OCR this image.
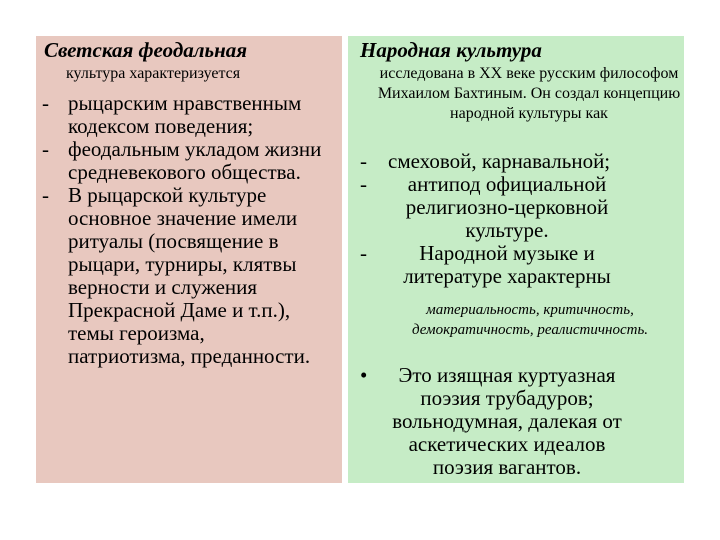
Светская феодальная
культура характеризуется
- рыцарским нравственным кодексом поведения;
- феодальным укладом жизни средневекового общества.
- В рыцарской культуре основное значение имели ритуалы (посвящение в рыцари, турниры, клятвы верности и служения Прекрасной Даме и т.п.), темы героизма, патриотизма, преданности.
Народная культура
исследована в XX веке русским философом Михаилом Бахтиным. Он создал концепцию народной культуры как
- смеховой, карнавальной;
-	антипод официальной религиозно-церковной культуре.
-	Народной музыке и литературе характерны
материальность, критичность, демократичность, реалистичность.
•	Это изящная куртуазная поэзия трубадуров; вольнодумная, далекая от аскетических идеалов поэзия вагантов.
